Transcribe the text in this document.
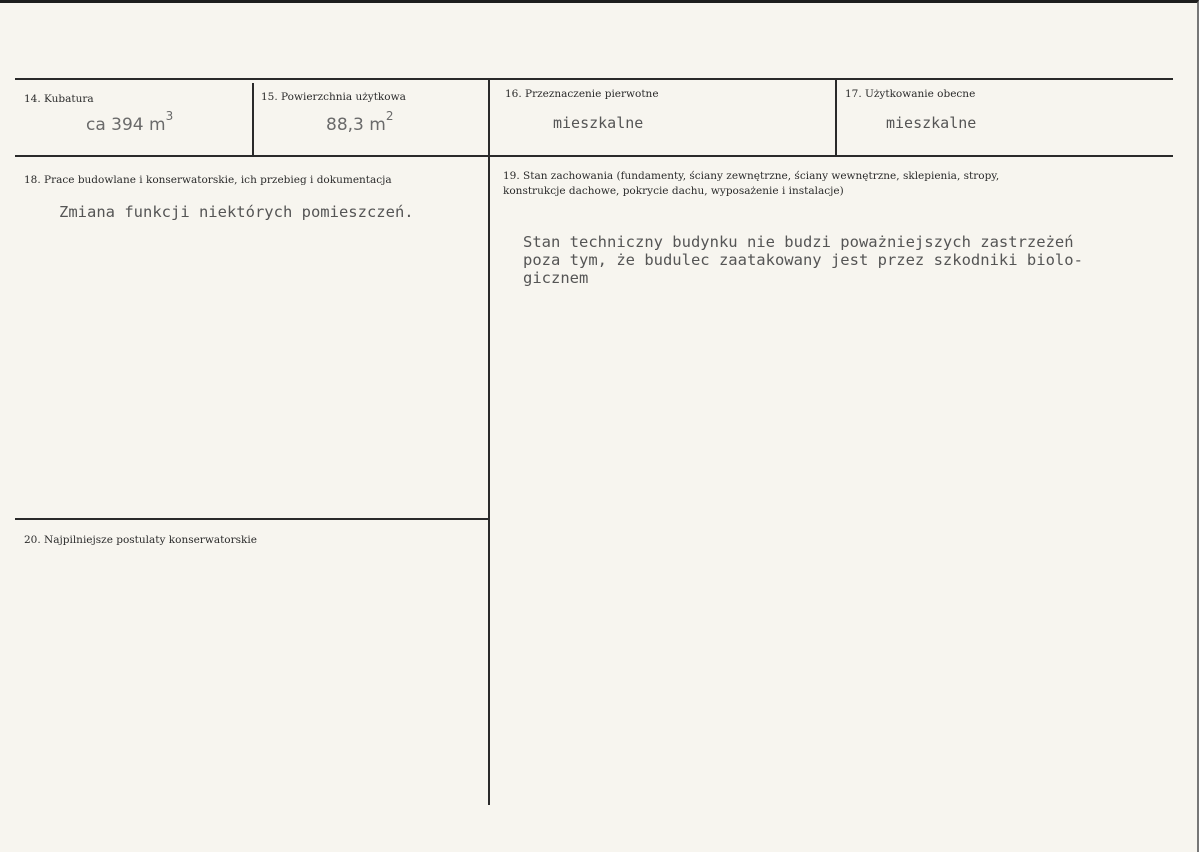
14. Kubatura
ca 394 $m^3$
15. Powierzchnia użytkowa
88,3 $m^2$
16. Przeznaczenie pierwotne
mieszkalne
17. Użytkowanie obecne
mieszkalne
18. Prace budowlane i konserwatorskie, ich przebieg i dokumentacja
Zmiana funkcji niektórych pomieszczeń.
19. Stan zachowania (fundamenty, ściany zewnętrzne, ściany wewnętrzne, sklepienia, stropy,
konstrukcje dachowe, pokrycie dachu, wyposażenie i instalacje)
Stan techniczny budynku nie budzi poważniejszych zastrzeżeń
poza tym, że budulec zaatakowany jest przez szkodniki biolo-
gicznem
20. Najpilniejsze postulaty konserwatorskie
